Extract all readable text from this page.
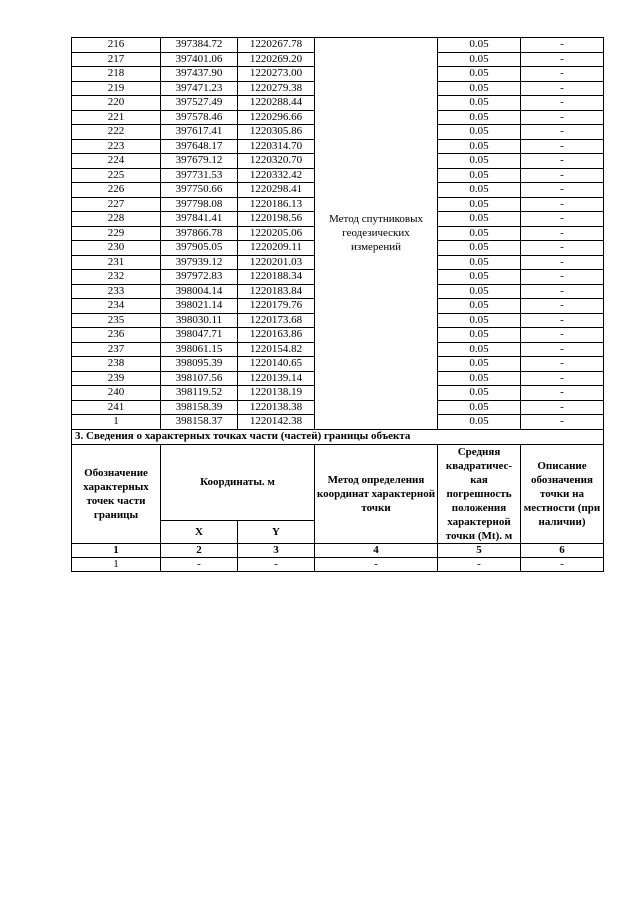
216	397384.72	1220267.78	Метод спутниковых геодезических измерений	0.05	-
217	397401.06	1220269.20		0.05	-
218	397437.90	1220273.00		0.05	-
219	397471.23	1220279.38		0.05	-
220	397527.49	1220288.44		0.05	-
221	397578.46	1220296.66		0.05	-
222	397617.41	1220305.86		0.05	-
223	397648.17	1220314.70		0.05	-
224	397679.12	1220320.70		0.05	-
225	397731.53	1220332.42		0.05	-
226	397750.66	1220298.41		0.05	-
227	397798.08	1220186.13		0.05	-
228	397841.41	1220198.56		0.05	-
229	397866.78	1220205.06		0.05	-
230	397905.05	1220209.11		0.05	-
231	397939.12	1220201.03		0.05	-
232	397972.83	1220188.34		0.05	-
233	398004.14	1220183.84		0.05	-
234	398021.14	1220179.76		0.05	-
235	398030.11	1220173.68		0.05	-
236	398047.71	1220163.86		0.05	-
237	398061.15	1220154.82		0.05	-
238	398095.39	1220140.65		0.05	-
239	398107.56	1220139.14		0.05	-
240	398119.52	1220138.19		0.05	-
241	398158.39	1220138.38		0.05	-
1	398158.37	1220142.38		0.05	-
3. Сведения о характерных точках части (частей) границы объекта					
Обозначение характерных точек части границы	Координаты. м		Метод определения координат характерной точки	Средняя квадратичес-кая погрешность положения характерной точки (Mt). м	Описание обозначения точки на местности (при наличии)
	X	Y			
1	2	3	4	5	6
1	-	-	-	-	-
